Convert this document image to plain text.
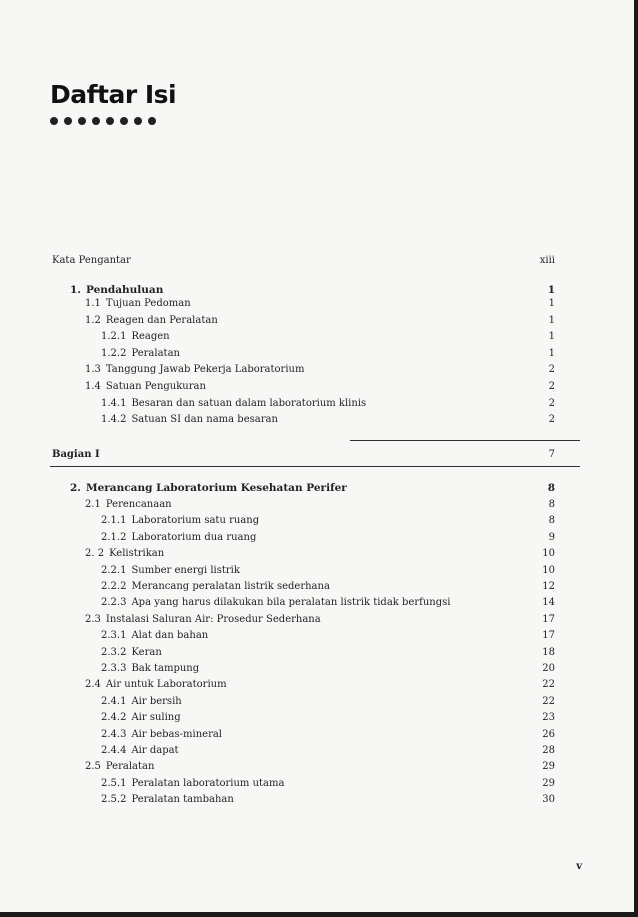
Daftar Isi
Kata Pengantar	xiii
1. Pendahuluan	1
1.1 Tujuan Pedoman	1
1.2 Reagen dan Peralatan	1
1.2.1 Reagen	1
1.2.2 Peralatan	1
1.3 Tanggung Jawab Pekerja Laboratorium	2
1.4 Satuan Pengukuran	2
1.4.1 Besaran dan satuan dalam laboratorium klinis	2
1.4.2 Satuan SI dan nama besaran	2
Bagian I	7
2. Merancang Laboratorium Kesehatan Perifer	8
2.1 Perencanaan	8
2.1.1 Laboratorium satu ruang	8
2.1.2 Laboratorium dua ruang	9
2. 2 Kelistrikan	10
2.2.1 Sumber energi listrik	10
2.2.2 Merancang peralatan listrik sederhana	12
2.2.3 Apa yang harus dilakukan bila peralatan listrik tidak berfungsi	14
2.3 Instalasi Saluran Air: Prosedur Sederhana	17
2.3.1 Alat dan bahan	17
2.3.2 Keran	18
2.3.3 Bak tampung	20
2.4 Air untuk Laboratorium	22
2.4.1 Air bersih	22
2.4.2 Air suling	23
2.4.3 Air bebas-mineral	26
2.4.4 Air dapat	28
2.5 Peralatan	29
2.5.1 Peralatan laboratorium utama	29
2.5.2 Peralatan tambahan	30
v
